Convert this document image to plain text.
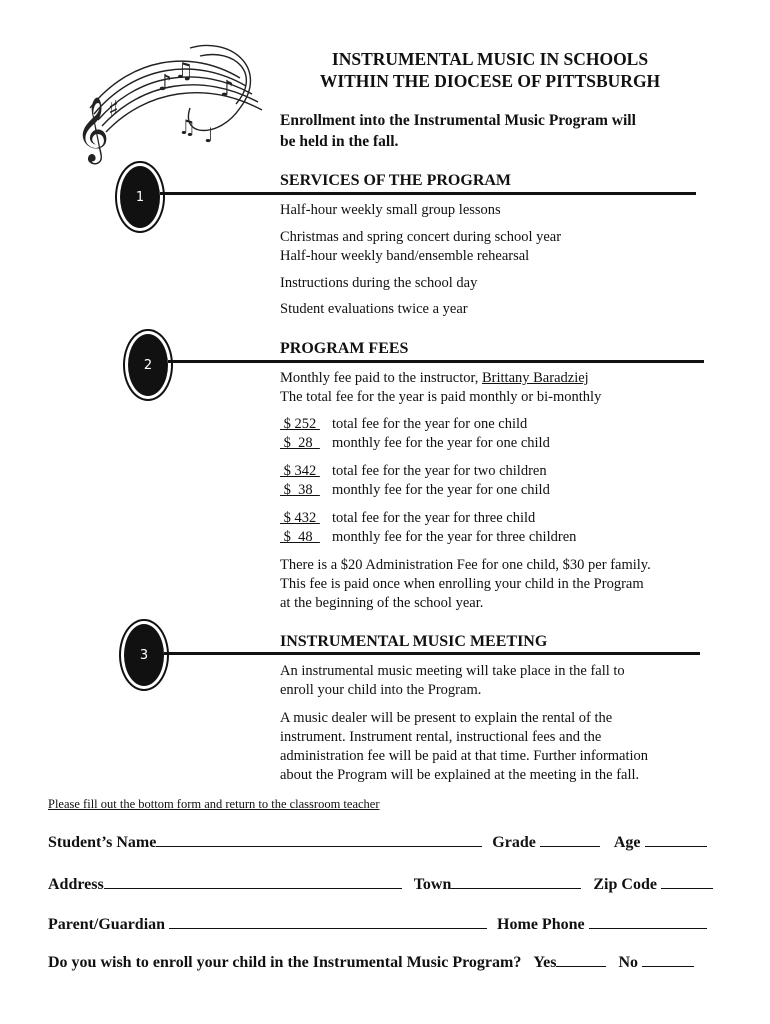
𝄞
♯
♪ ♫
♪
♫ ♩
INSTRUMENTAL MUSIC IN SCHOOLS
WITHIN THE DIOCESE OF PITTSBURGH
Enrollment into the Instrumental Music Program will
be held in the fall.
1
SERVICES OF THE PROGRAM
Half-hour weekly small group lessons
Christmas and spring concert during school year
Half-hour weekly band/ensemble rehearsal
Instructions during the school day
Student evaluations twice a year
2
PROGRAM FEES
Monthly fee paid to the instructor, Brittany Baradziej
The total fee for the year is paid monthly or bi-monthly
$ 252 total fee for the year for one child
$  28  monthly fee for the year for one child
$ 342 total fee for the year for two children
$  38  monthly fee for the year for one child
$ 432 total fee for the year for three child
$  48  monthly fee for the year for three children
There is a $20 Administration Fee for one child, $30 per family.
This fee is paid once when enrolling your child in the Program
at the beginning of the school year.
3
INSTRUMENTAL MUSIC MEETING
An instrumental music meeting will take place in the fall to
enroll your child into the Program.
A music dealer will be present to explain the rental of the
instrument. Instrument rental, instructional fees and the
administration fee will be paid at that time. Further information
about the Program will be explained at the meeting in the fall.
Please fill out the bottom form and return to the classroom teacher
Student’s Name	Grade	Age
Address	Town	Zip Code
Parent/Guardian	Home Phone
Do you wish to enroll your child in the Instrumental Music Program? Yes	No
